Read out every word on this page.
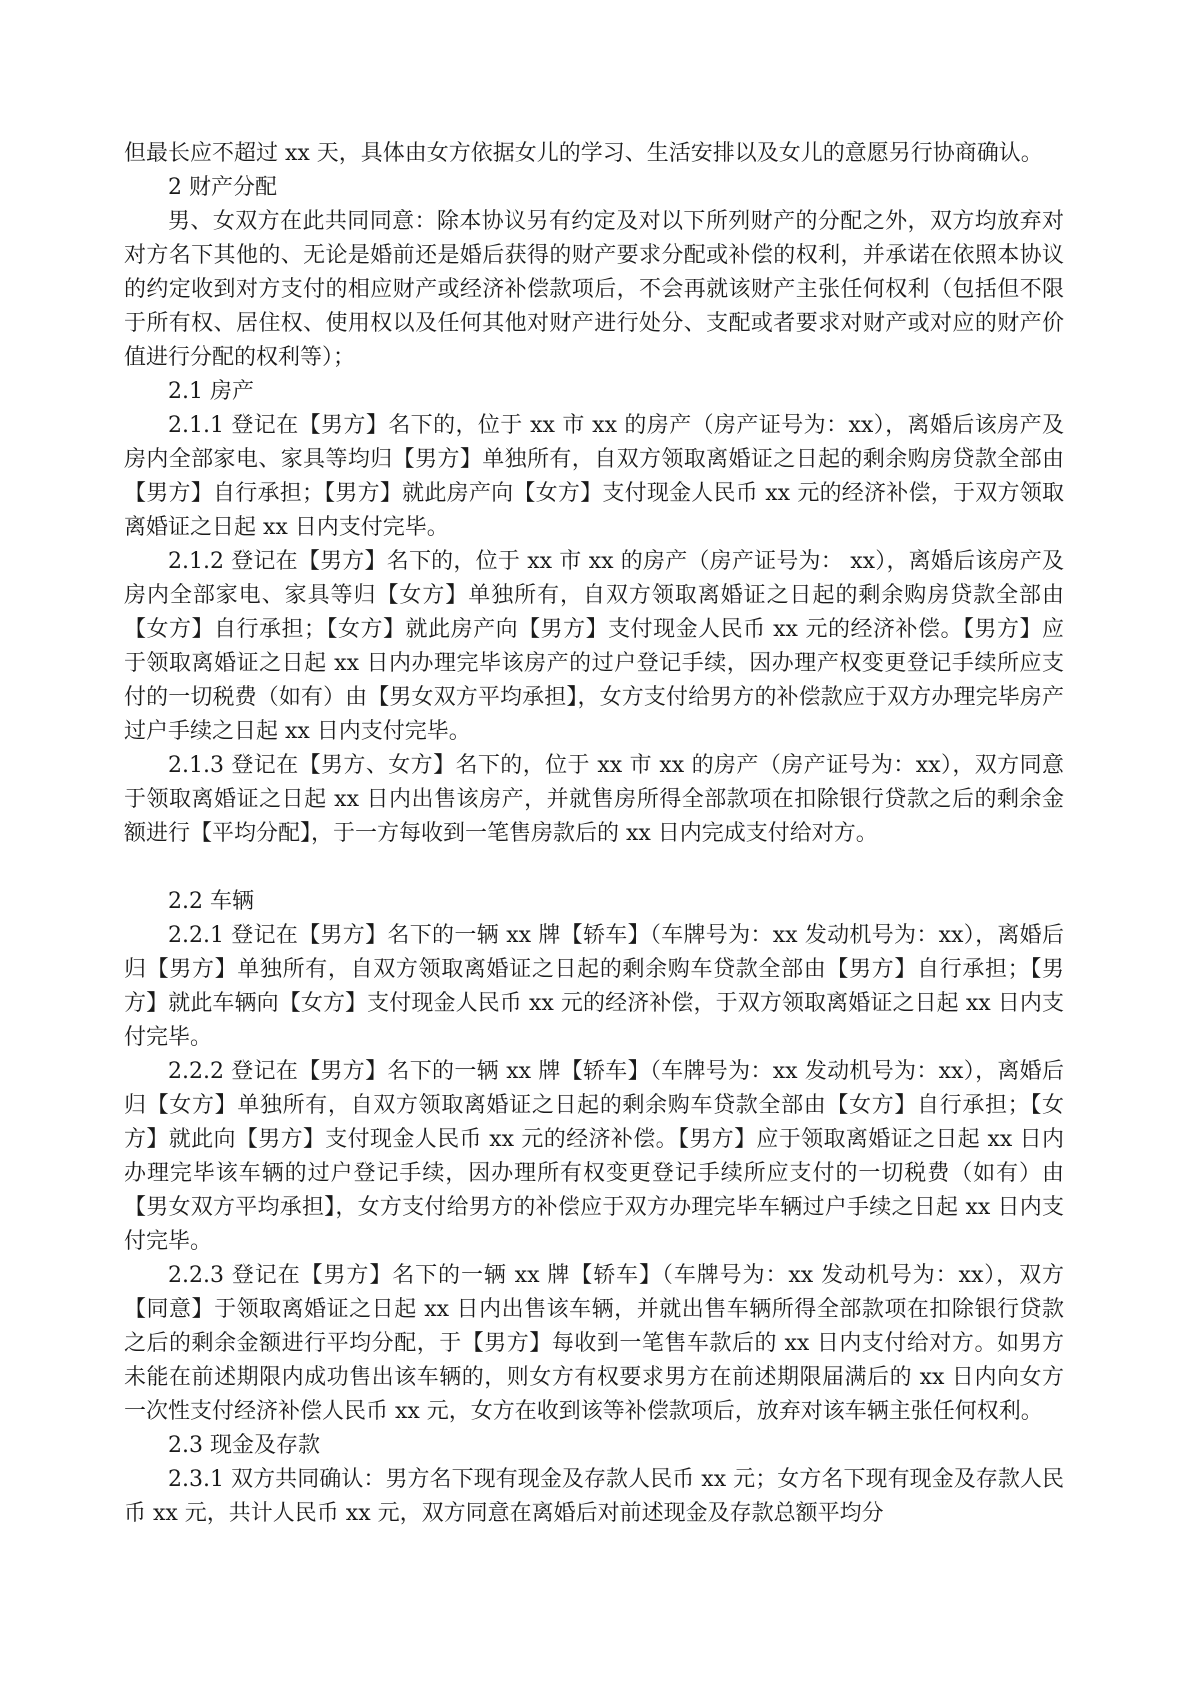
但最长应不超过 xx 天，具体由女方依据女儿的学习、生活安排以及女儿的意愿另行协商确认。

2 财产分配

男、女双方在此共同同意：除本协议另有约定及对以下所列财产的分配之外，双方均放弃对对方名下其他的、无论是婚前还是婚后获得的财产要求分配或补偿的权利，并承诺在依照本协议的约定收到对方支付的相应财产或经济补偿款项后，不会再就该财产主张任何权利（包括但不限于所有权、居住权、使用权以及任何其他对财产进行处分、支配或者要求对财产或对应的财产价值进行分配的权利等）；

2.1 房产

2.1.1 登记在【男方】名下的，位于 xx 市 xx 的房产（房产证号为：xx），离婚后该房产及房内全部家电、家具等均归【男方】单独所有，自双方领取离婚证之日起的剩余购房贷款全部由【男方】自行承担；【男方】就此房产向【女方】支付现金人民币 xx 元的经济补偿，于双方领取离婚证之日起 xx 日内支付完毕。

2.1.2 登记在【男方】名下的，位于 xx 市 xx 的房产（房产证号为： xx），离婚后该房产及房内全部家电、家具等归【女方】单独所有，自双方领取离婚证之日起的剩余购房贷款全部由【女方】自行承担；【女方】就此房产向【男方】支付现金人民币 xx 元的经济补偿。【男方】应于领取离婚证之日起 xx 日内办理完毕该房产的过户登记手续，因办理产权变更登记手续所应支付的一切税费（如有）由【男女双方平均承担】，女方支付给男方的补偿款应于双方办理完毕房产过户手续之日起 xx 日内支付完毕。

2.1.3 登记在【男方、女方】名下的，位于 xx 市 xx 的房产（房产证号为：xx），双方同意于领取离婚证之日起 xx 日内出售该房产，并就售房所得全部款项在扣除银行贷款之后的剩余金额进行【平均分配】，于一方每收到一笔售房款后的 xx 日内完成支付给对方。

2.2 车辆

2.2.1 登记在【男方】名下的一辆 xx 牌【轿车】（车牌号为：xx 发动机号为：xx），离婚后归【男方】单独所有，自双方领取离婚证之日起的剩余购车贷款全部由【男方】自行承担；【男方】就此车辆向【女方】支付现金人民币 xx 元的经济补偿，于双方领取离婚证之日起 xx 日内支付完毕。

2.2.2 登记在【男方】名下的一辆 xx 牌【轿车】（车牌号为：xx 发动机号为：xx），离婚后归【女方】单独所有，自双方领取离婚证之日起的剩余购车贷款全部由【女方】自行承担；【女方】就此向【男方】支付现金人民币 xx 元的经济补偿。【男方】应于领取离婚证之日起 xx 日内办理完毕该车辆的过户登记手续，因办理所有权变更登记手续所应支付的一切税费（如有）由【男女双方平均承担】，女方支付给男方的补偿应于双方办理完毕车辆过户手续之日起 xx 日内支付完毕。

2.2.3 登记在【男方】名下的一辆 xx 牌【轿车】（车牌号为：xx 发动机号为：xx），双方【同意】于领取离婚证之日起 xx 日内出售该车辆，并就出售车辆所得全部款项在扣除银行贷款之后的剩余金额进行平均分配，于【男方】每收到一笔售车款后的 xx 日内支付给对方。如男方未能在前述期限内成功售出该车辆的，则女方有权要求男方在前述期限届满后的 xx 日内向女方一次性支付经济补偿人民币 xx 元，女方在收到该等补偿款项后，放弃对该车辆主张任何权利。

2.3 现金及存款

2.3.1 双方共同确认：男方名下现有现金及存款人民币 xx 元；女方名下现有现金及存款人民币 xx 元，共计人民币 xx 元，双方同意在离婚后对前述现金及存款总额平均分
